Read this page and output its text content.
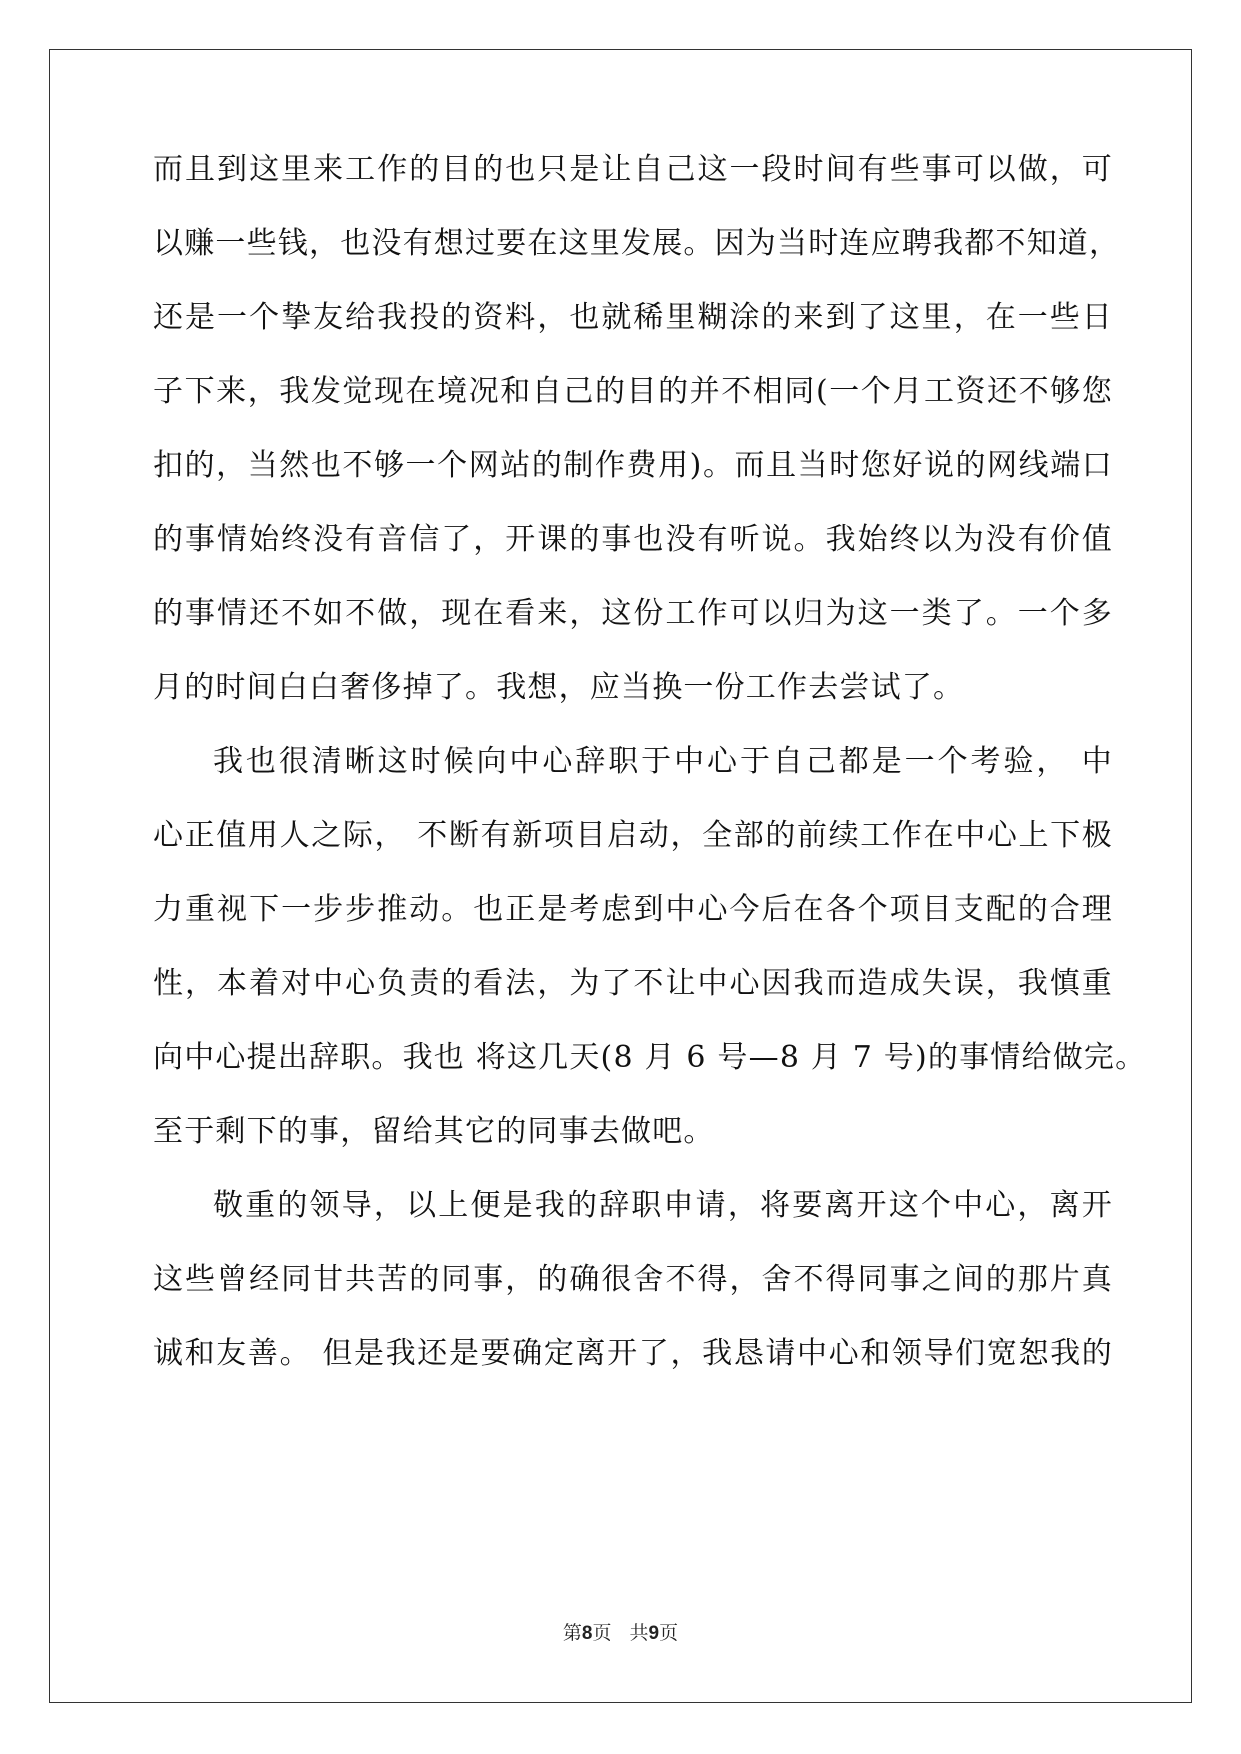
而且到这里来工作的目的也只是让自己这一段时间有些事可以做，可
以赚一些钱，也没有想过要在这里发展。因为当时连应聘我都不知道，
还是一个挚友给我投的资料，也就稀里糊涂的来到了这里，在一些日
子下来，我发觉现在境况和自己的目的并不相同(一个月工资还不够您
扣的，当然也不够一个网站的制作费用)。而且当时您好说的网线端口
的事情始终没有音信了，开课的事也没有听说。我始终以为没有价值
的事情还不如不做，现在看来，这份工作可以归为这一类了。一个多
月的时间白白奢侈掉了。我想，应当换一份工作去尝试了。
我也很清晰这时候向中心辞职于中心于自己都是一个考验， 中
心正值用人之际， 不断有新项目启动，全部的前续工作在中心上下极
力重视下一步步推动。也正是考虑到中心今后在各个项目支配的合理
性，本着对中心负责的看法，为了不让中心因我而造成失误，我慎重
向中心提出辞职。我也 将这几天(8 月 6 号—8 月 7 号)的事情给做完。
至于剩下的事，留给其它的同事去做吧。
敬重的领导，以上便是我的辞职申请，将要离开这个中心，离开
这些曾经同甘共苦的同事，的确很舍不得，舍不得同事之间的那片真
诚和友善。 但是我还是要确定离开了，我恳请中心和领导们宽恕我的
第8页 共9页
